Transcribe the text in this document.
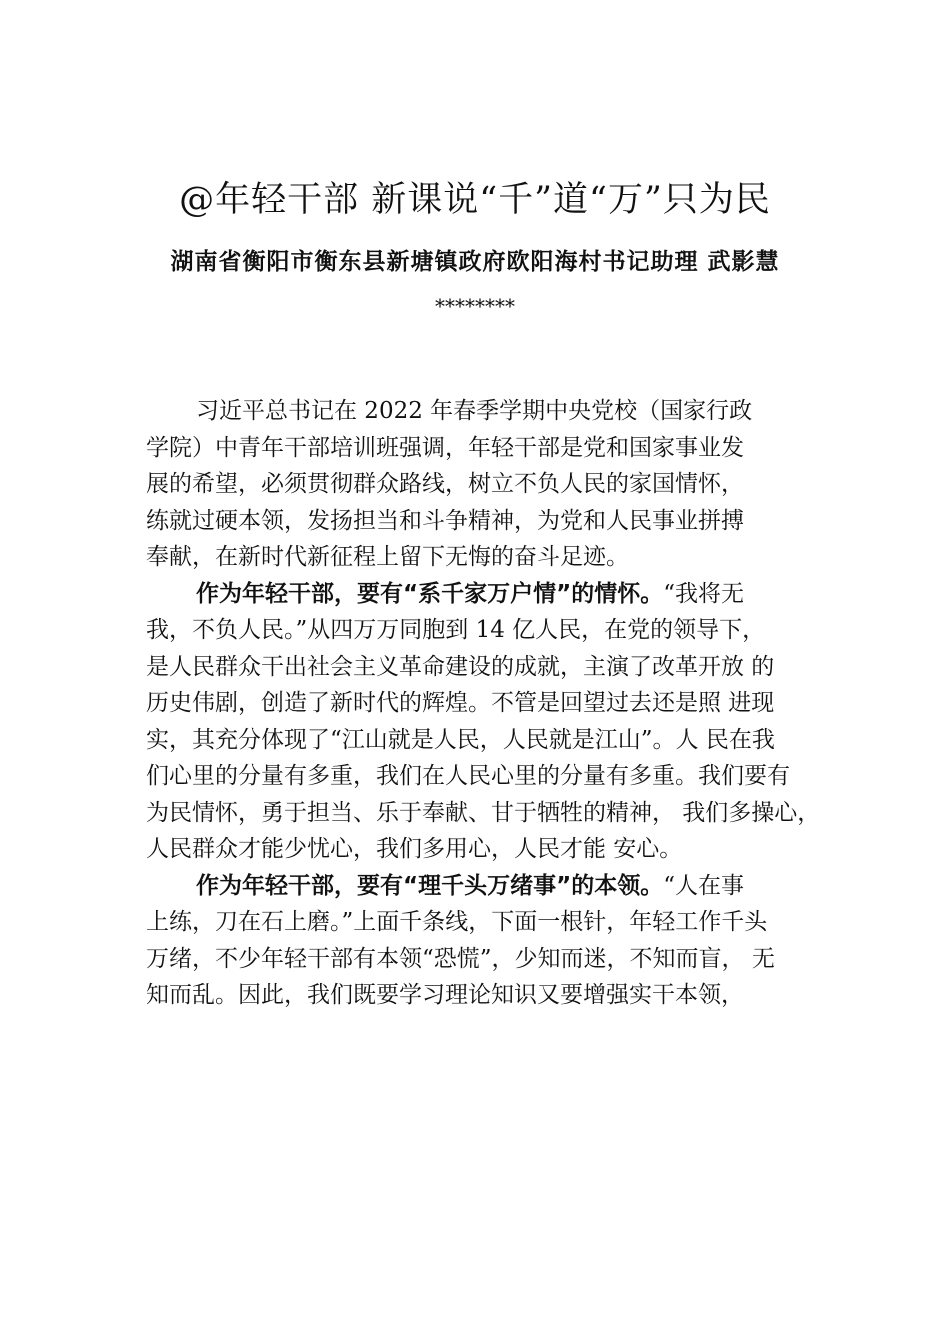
@年轻干部 新课说“千”道“万”只为民

湖南省衡阳市衡东县新塘镇政府欧阳海村书记助理 武影慧

********

习近平总书记在 2022 年春季学期中央党校（国家行政
学院）中青年干部培训班强调，年轻干部是党和国家事业发
展的希望，必须贯彻群众路线，树立不负人民的家国情怀，
练就过硬本领，发扬担当和斗争精神，为党和人民事业拼搏
奉献，在新时代新征程上留下无悔的奋斗足迹。

作为年轻干部，要有“系千家万户情”的情怀。“我将无
我，不负人民。”从四万万同胞到 14 亿人民，在党的领导下，
是人民群众干出社会主义革命建设的成就，主演了改革开放 的
历史伟剧，创造了新时代的辉煌。不管是回望过去还是照 进现
实，其充分体现了“江山就是人民，人民就是江山”。人 民在我
们心里的分量有多重，我们在人民心里的分量有多重。我们要有
为民情怀，勇于担当、乐于奉献、甘于牺牲的精神， 我们多操心，
人民群众才能少忧心，我们多用心，人民才能 安心。

作为年轻干部，要有“理千头万绪事”的本领。“人在事
上练，刀在石上磨。”上面千条线，下面一根针，年轻工作千头
万绪，不少年轻干部有本领“恐慌”，少知而迷，不知而盲， 无
知而乱。因此，我们既要学习理论知识又要增强实干本领，
